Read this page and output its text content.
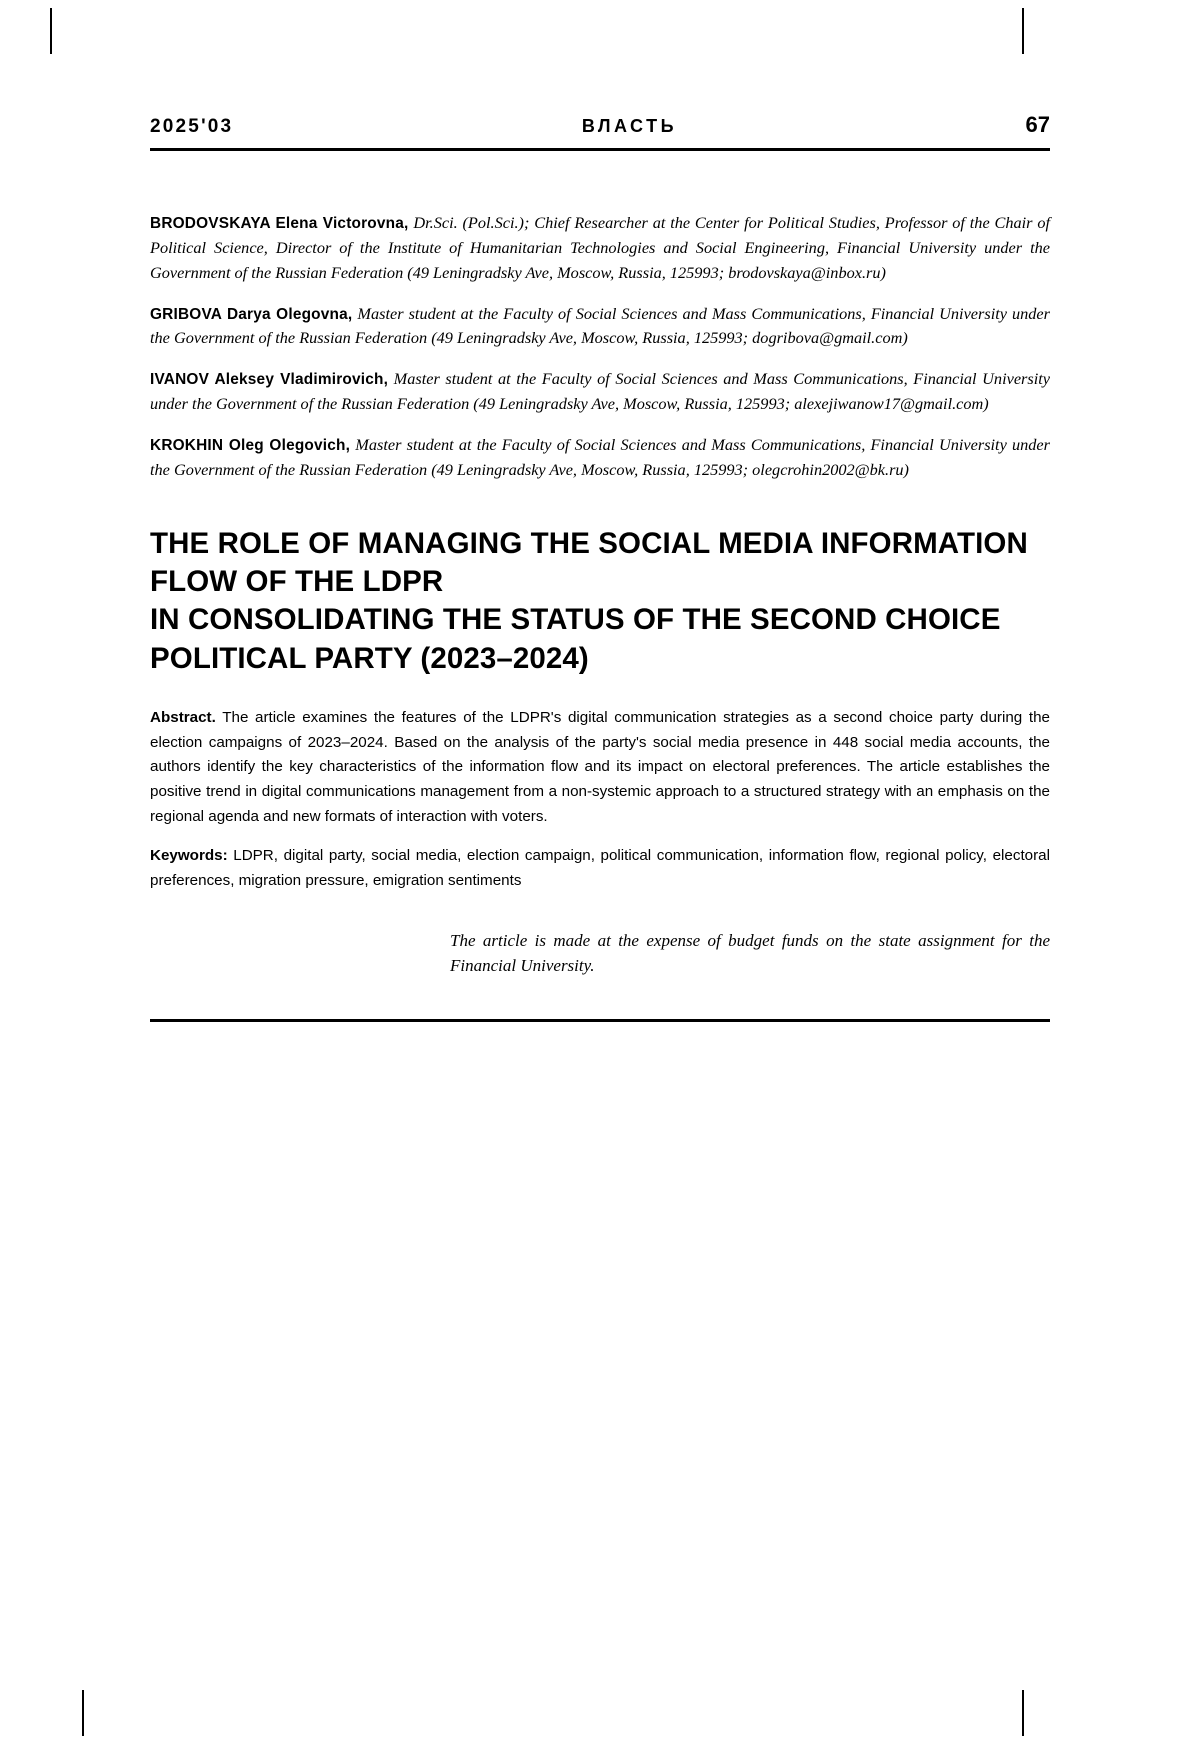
2025'03	ВЛАСТЬ	67

BRODOVSKAYA Elena Victorovna, Dr.Sci. (Pol.Sci.); Chief Researcher at the Center for Political Studies, Professor of the Chair of Political Science, Director of the Institute of Humanitarian Technologies and Social Engineering, Financial University under the Government of the Russian Federation (49 Leningradsky Ave, Moscow, Russia, 125993; brodovskaya@inbox.ru)

GRIBOVA Darya Olegovna, Master student at the Faculty of Social Sciences and Mass Communications, Financial University under the Government of the Russian Federation (49 Leningradsky Ave, Moscow, Russia, 125993; dogribova@gmail.com)

IVANOV Aleksey Vladimirovich, Master student at the Faculty of Social Sciences and Mass Communications, Financial University under the Government of the Russian Federation (49 Leningradsky Ave, Moscow, Russia, 125993; alexejiwanow17@gmail.com)

KROKHIN Oleg Olegovich, Master student at the Faculty of Social Sciences and Mass Communications, Financial University under the Government of the Russian Federation (49 Leningradsky Ave, Moscow, Russia, 125993; olegcrohin2002@bk.ru)

THE ROLE OF MANAGING THE SOCIAL MEDIA INFORMATION FLOW OF THE LDPR
IN CONSOLIDATING THE STATUS OF THE SECOND CHOICE POLITICAL PARTY (2023–2024)

Abstract. The article examines the features of the LDPR's digital communication strategies as a second choice party during the election campaigns of 2023–2024. Based on the analysis of the party's social media presence in 448 social media accounts, the authors identify the key characteristics of the information flow and its impact on electoral preferences. The article establishes the positive trend in digital communications management from a non-systemic approach to a structured strategy with an emphasis on the regional agenda and new formats of interaction with voters.

Keywords: LDPR, digital party, social media, election campaign, political communication, information flow, regional policy, electoral preferences, migration pressure, emigration sentiments

The article is made at the expense of budget funds on the state assignment for the Financial University.
